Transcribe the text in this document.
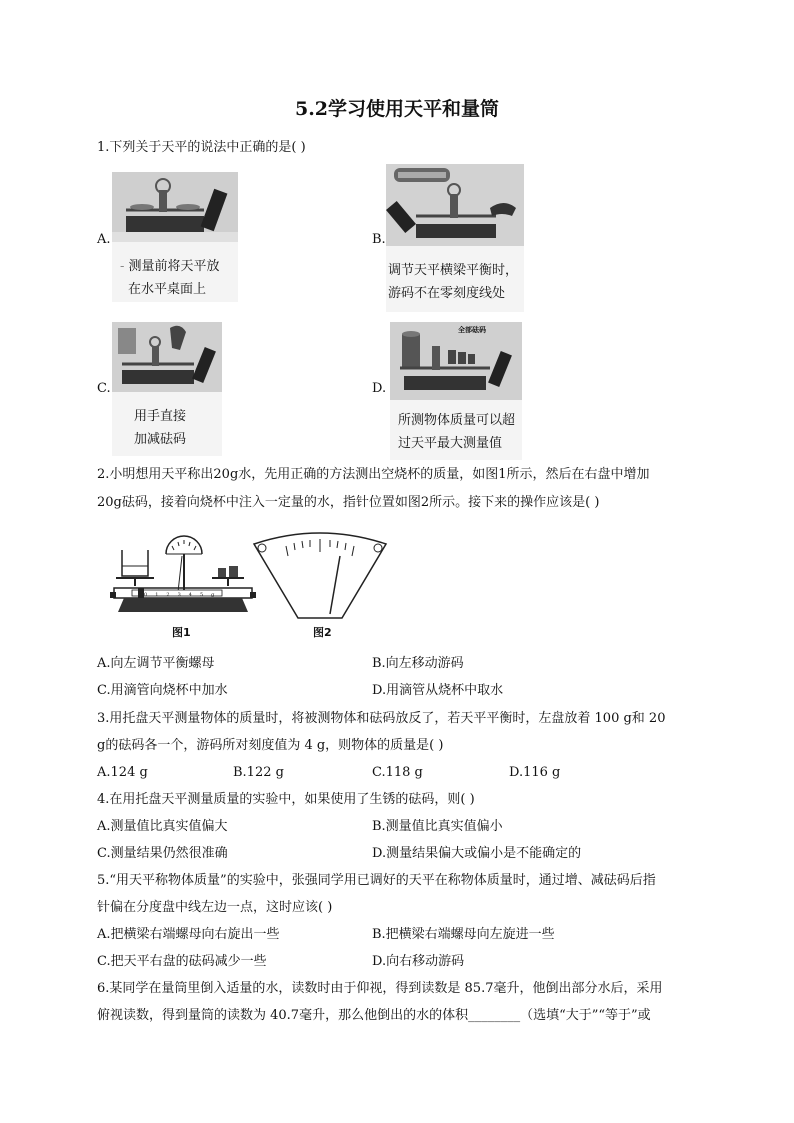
5.2学习使用天平和量筒
1.下列关于天平的说法中正确的是( )
A.
- 测量前将天平放
在水平桌面上
B.
调节天平横梁平衡时，
游码不在零刻度线处
C.
用手直接
加减砝码
D.
全部砝码
所测物体质量可以超
过天平最大测量值
2.小明想用天平称出20g水，先用正确的方法测出空烧杯的质量，如图1所示，然后在右盘中增加
20g砝码，接着向烧杯中注入一定量的水，指针位置如图2所示。接下来的操作应该是( )
012345g
图1	图2
A.向左调节平衡螺母	B.向左移动游码
C.用滴管向烧杯中加水	D.用滴管从烧杯中取水
3.用托盘天平测量物体的质量时，将被测物体和砝码放反了，若天平平衡时，左盘放着 100 g和 20
g的砝码各一个，游码所对刻度值为 4 g，则物体的质量是( )
A.124 g	B.122 g	C.118 g	D.116 g
4.在用托盘天平测量质量的实验中，如果使用了生锈的砝码，则( )
A.测量值比真实值偏大	B.测量值比真实值偏小
C.测量结果仍然很准确	D.测量结果偏大或偏小是不能确定的
5.“用天平称物体质量”的实验中，张强同学用已调好的天平在称物体质量时，通过增、减砝码后指
针偏在分度盘中线左边一点，这时应该( )
A.把横梁右端螺母向右旋出一些	B.把横梁右端螺母向左旋进一些
C.把天平右盘的砝码减少一些	D.向右移动游码
6.某同学在量筒里倒入适量的水，读数时由于仰视，得到读数是 85.7毫升，他倒出部分水后，采用
俯视读数，得到量筒的读数为 40.7毫升，那么他倒出的水的体积________（选填“大于”“等于”或
